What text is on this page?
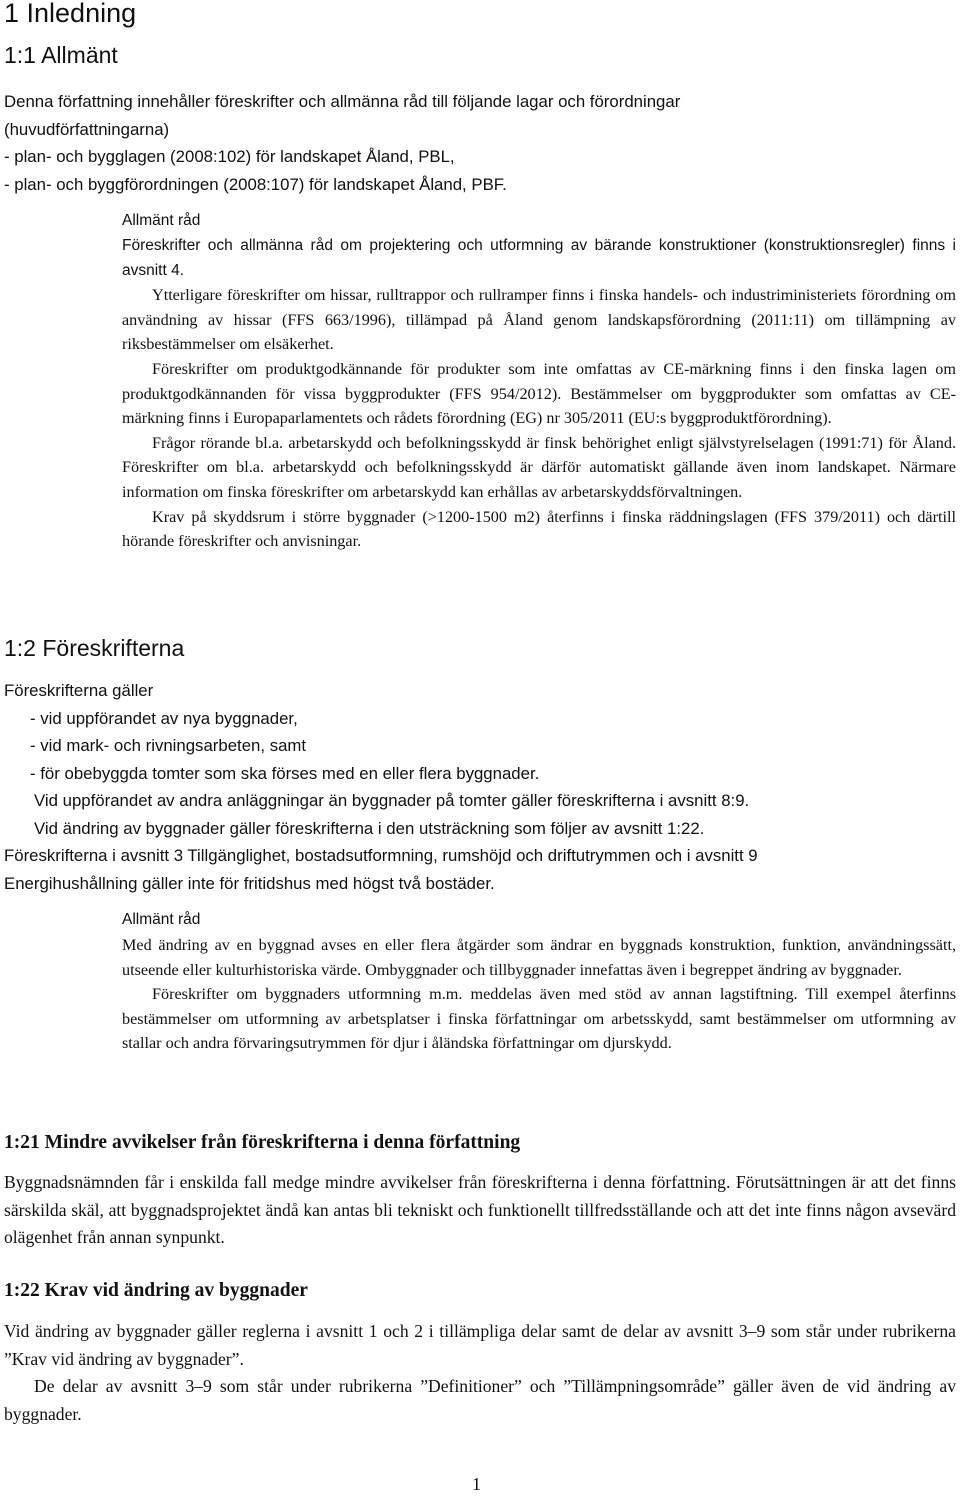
1 Inledning
1:1 Allmänt
Denna författning innehåller föreskrifter och allmänna råd till följande lagar och förordningar
(huvudförfattningarna)
- plan- och bygglagen (2008:102) för landskapet Åland, PBL,
- plan- och byggförordningen (2008:107) för landskapet Åland, PBF.
Allmänt råd

Föreskrifter och allmänna råd om projektering och utformning av bärande konstruktioner (konstruktionsregler) finns i avsnitt 4.

Ytterligare föreskrifter om hissar, rulltrappor och rullramper finns i finska handels- och industriministeriets förordning om användning av hissar (FFS 663/1996), tillämpad på Åland genom landskapsförordning (2011:11) om tillämpning av riksbestämmelser om elsäkerhet.

Föreskrifter om produktgodkännande för produkter som inte omfattas av CE-märkning finns i den finska lagen om produktgodkännanden för vissa byggprodukter (FFS 954/2012). Bestämmelser om byggprodukter som omfattas av CE-märkning finns i Europaparlamentets och rådets förordning (EG) nr 305/2011 (EU:s byggproduktförordning).

Frågor rörande bl.a. arbetarskydd och befolkningsskydd är finsk behörighet enligt självstyrelselagen (1991:71) för Åland. Föreskrifter om bl.a. arbetarskydd och befolkningsskydd är därför automatiskt gällande även inom landskapet. Närmare information om finska föreskrifter om arbetarskydd kan erhållas av arbetarskyddsförvaltningen.

Krav på skyddsrum i större byggnader (>1200-1500 m2) återfinns i finska räddningslagen (FFS 379/2011) och därtill hörande föreskrifter och anvisningar.

1:2 Föreskrifterna
Föreskrifterna gäller
- vid uppförandet av nya byggnader,
- vid mark- och rivningsarbeten, samt
- för obebyggda tomter som ska förses med en eller flera byggnader.
Vid uppförandet av andra anläggningar än byggnader på tomter gäller föreskrifterna i avsnitt 8:9.
Vid ändring av byggnader gäller föreskrifterna i den utsträckning som följer av avsnitt 1:22.
Föreskrifterna i avsnitt 3 Tillgänglighet, bostadsutformning, rumshöjd och driftutrymmen och i avsnitt 9
Energihushållning gäller inte för fritidshus med högst två bostäder.
Allmänt råd

Med ändring av en byggnad avses en eller flera åtgärder som ändrar en byggnads konstruktion, funktion, användningssätt, utseende eller kulturhistoriska värde. Ombyggnader och tillbyggnader innefattas även i begreppet ändring av byggnader.

Föreskrifter om byggnaders utformning m.m. meddelas även med stöd av annan lagstiftning. Till exempel återfinns bestämmelser om utformning av arbetsplatser i finska författningar om arbetsskydd, samt bestämmelser om utformning av stallar och andra förvaringsutrymmen för djur i åländska författningar om djurskydd.

1:21 Mindre avvikelser från föreskrifterna i denna författning

Byggnadsnämnden får i enskilda fall medge mindre avvikelser från föreskrifterna i denna författning. Förutsättningen är att det finns särskilda skäl, att byggnadsprojektet ändå kan antas bli tekniskt och funktionellt tillfredsställande och att det inte finns någon avsevärd olägenhet från annan synpunkt.

1:22 Krav vid ändring av byggnader

Vid ändring av byggnader gäller reglerna i avsnitt 1 och 2 i tillämpliga delar samt de delar av avsnitt 3–9 som står under rubrikerna ”Krav vid ändring av byggnader”.

De delar av avsnitt 3–9 som står under rubrikerna ”Definitioner” och ”Tillämpningsområde” gäller även de vid ändring av byggnader.

1
